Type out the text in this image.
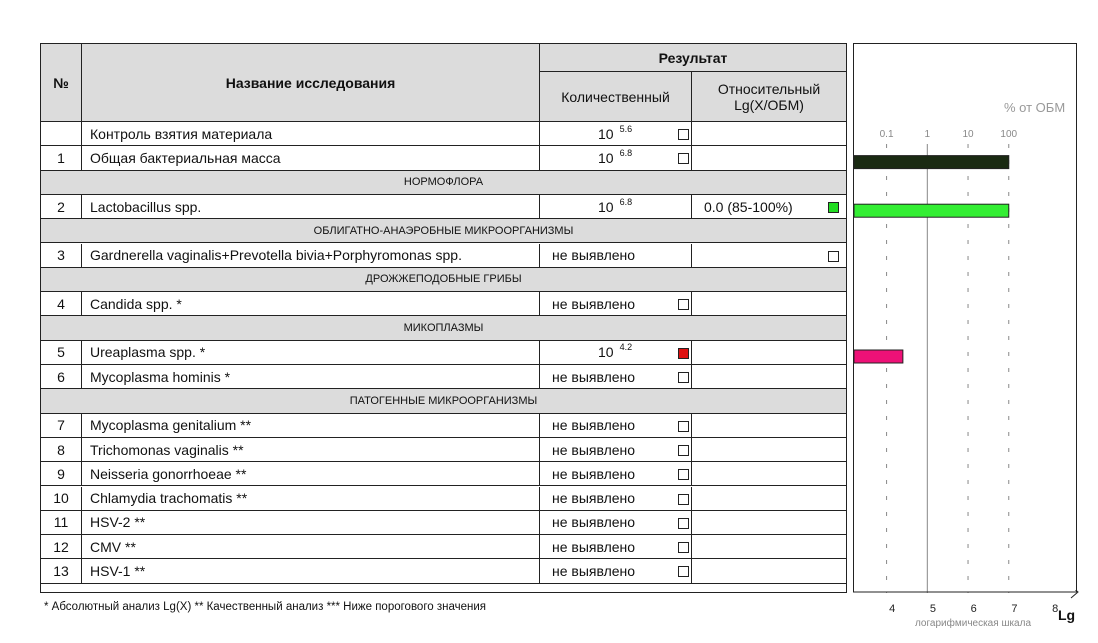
№	Название исследования
Результат
Количественный	Относительный
Lg(X/ОБМ)
Контроль взятия материала	10 5.6
1	Общая бактериальная масса	10 6.8
НОРМОФЛОРА
2	Lactobacillus spp.	10 6.8	0.0 (85-100%)
ОБЛИГАТНО-АНАЭРОБНЫЕ МИКРООРГАНИЗМЫ
3	Gardnerella vaginalis+Prevotella bivia+Porphyromonas spp.	не выявлено
ДРОЖЖЕПОДОБНЫЕ ГРИБЫ
4	Candida spp. *	не выявлено
МИКОПЛАЗМЫ
5	Ureaplasma spp. *	10 4.2
6	Mycoplasma hominis *	не выявлено
ПАТОГЕННЫЕ МИКРООРГАНИЗМЫ
7	Mycoplasma genitalium **	не выявлено
8	Trichomonas vaginalis **	не выявлено
9	Neisseria gonorrhoeae **	не выявлено
10	Chlamydia trachomatis **	не выявлено
11	HSV-2 **	не выявлено
12	CMV **	не выявлено
13	HSV-1 **	не выявлено
% от ОБМ
0.1	1	10	100
4	5	6	7	8
логарифмическая шкала
Lg
* Абсолютный анализ Lg(X) ** Качественный анализ *** Ниже порогового значения
